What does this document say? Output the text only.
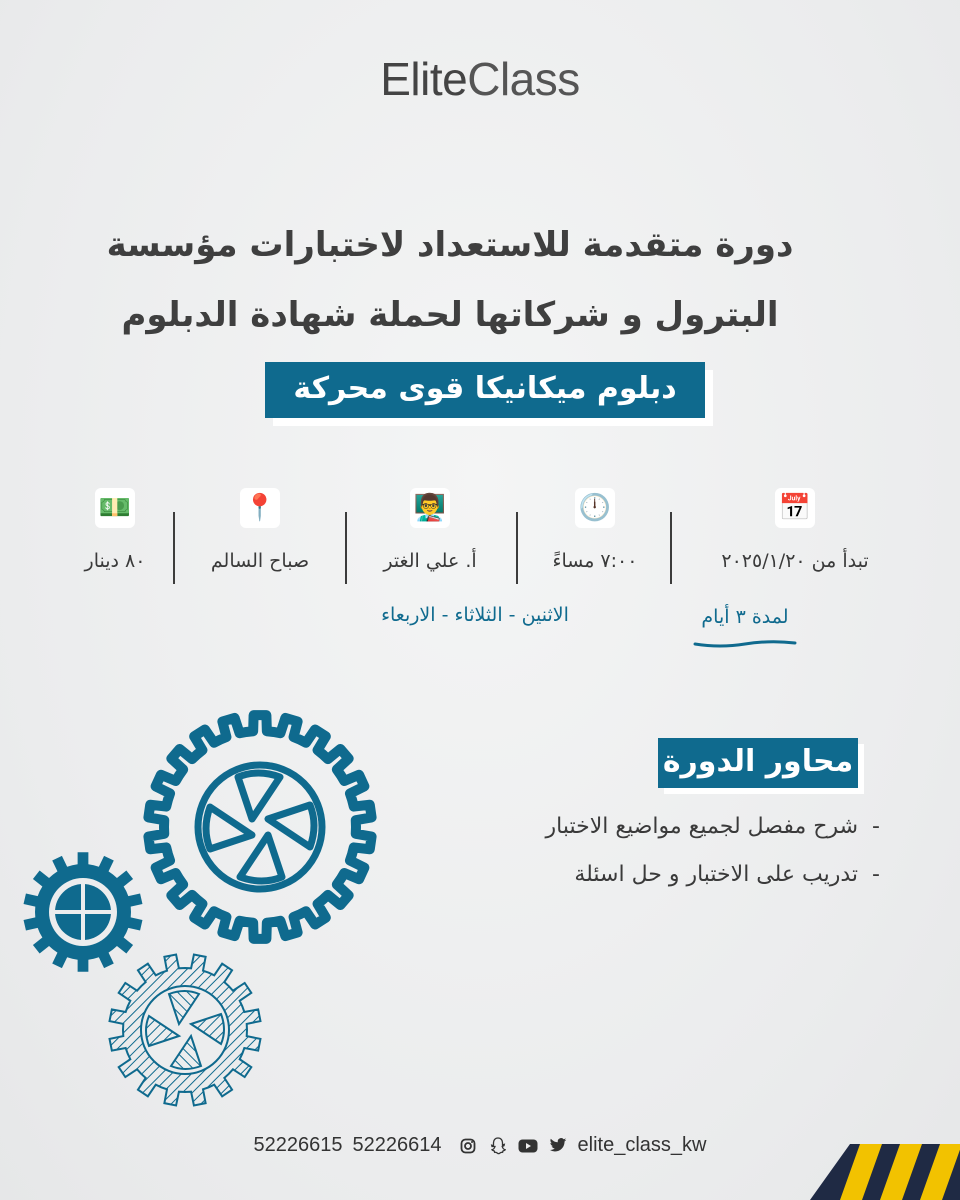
EliteClass
دورة متقدمة للاستعداد لاختبارات مؤسسة
البترول و شركاتها لحملة شهادة الدبلوم
دبلوم ميكانيكا قوى محركة
📅
تبدأ من ٢٠٢٥/١/٢٠
🕛
٧:٠٠ مساءً
👨‍🏫
أ. علي الغتر
📍
صباح السالم
💵
٨٠ دينار
لمدة ٣ أيام
الاثنين - الثلاثاء - الاربعاء
محاور الدورة
-  شرح مفصل لجميع مواضيع الاختبار
-  تدريب على الاختبار و حل اسئلة
52226615 52226614	elite_class_kw
